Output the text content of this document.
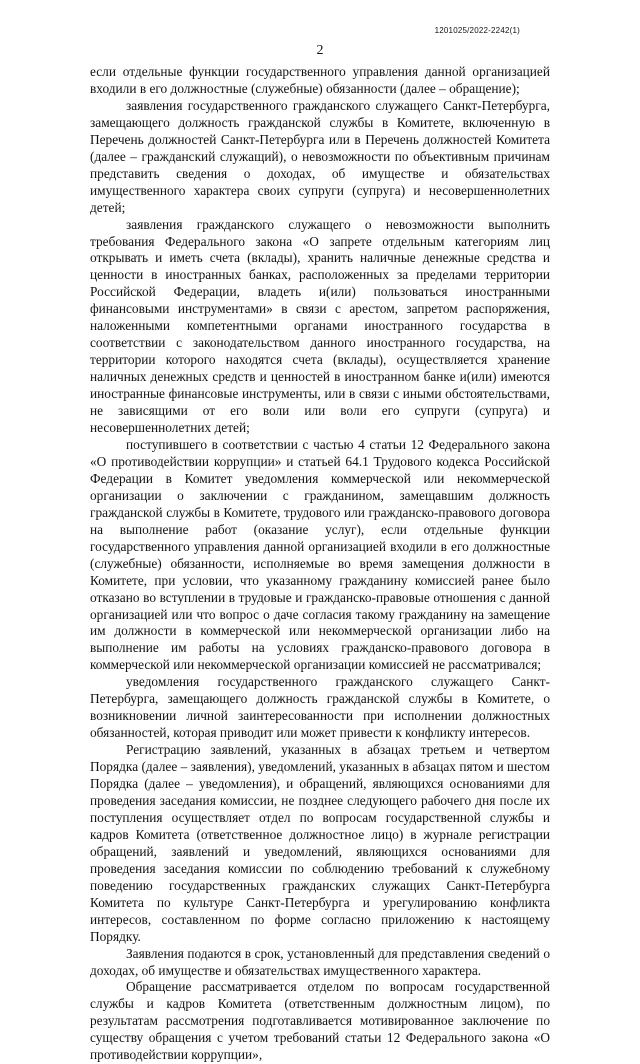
1201025/2022-2242(1)
2

если отдельные функции государственного управления данной организацией входили в его должностные (служебные) обязанности (далее – обращение);

заявления государственного гражданского служащего Санкт-Петербурга, замещающего должность гражданской службы в Комитете, включенную в Перечень должностей Санкт-Петербурга или в Перечень должностей Комитета (далее – гражданский служащий), о невозможности по объективным причинам представить сведения о доходах, об имуществе и обязательствах имущественного характера своих супруги (супруга) и несовершеннолетних детей;

заявления гражданского служащего о невозможности выполнить требования Федерального закона «О запрете отдельным категориям лиц открывать и иметь счета (вклады), хранить наличные денежные средства и ценности в иностранных банках, расположенных за пределами территории Российской Федерации, владеть и(или) пользоваться иностранными финансовыми инструментами» в связи с арестом, запретом распоряжения, наложенными компетентными органами иностранного государства в соответствии с законодательством данного иностранного государства, на территории которого находятся счета (вклады), осуществляется хранение наличных денежных средств и ценностей в иностранном банке и(или) имеются иностранные финансовые инструменты, или в связи с иными обстоятельствами, не зависящими от его воли или воли его супруги (супруга) и несовершеннолетних детей;

поступившего в соответствии с частью 4 статьи 12 Федерального закона «О противодействии коррупции» и статьей 64.1 Трудового кодекса Российской Федерации в Комитет уведомления коммерческой или некоммерческой организации о заключении с гражданином, замещавшим должность гражданской службы в Комитете, трудового или гражданско-правового договора на выполнение работ (оказание услуг), если отдельные функции государственного управления данной организацией входили в его должностные (служебные) обязанности, исполняемые во время замещения должности в Комитете, при условии, что указанному гражданину комиссией ранее было отказано во вступлении в трудовые и гражданско-правовые отношения с данной организацией или что вопрос о даче согласия такому гражданину на замещение им должности в коммерческой или некоммерческой организации либо на выполнение им работы на условиях гражданско-правового договора в коммерческой или некоммерческой организации комиссией не рассматривался;

уведомления государственного гражданского служащего Санкт-Петербурга, замещающего должность гражданской службы в Комитете, о возникновении личной заинтересованности при исполнении должностных обязанностей, которая приводит или может привести к конфликту интересов.

Регистрацию заявлений, указанных в абзацах третьем и четвертом Порядка (далее – заявления), уведомлений, указанных в абзацах пятом и шестом Порядка (далее – уведомления), и обращений, являющихся основаниями для проведения заседания комиссии, не позднее следующего рабочего дня после их поступления осуществляет отдел по вопросам государственной службы и кадров Комитета (ответственное должностное лицо) в журнале регистрации обращений, заявлений и уведомлений, являющихся основаниями для проведения заседания комиссии по соблюдению требований к служебному поведению государственных гражданских служащих Санкт-Петербурга Комитета по культуре Санкт-Петербурга и урегулированию конфликта интересов, составленном по форме согласно приложению к настоящему Порядку.

Заявления подаются в срок, установленный для представления сведений о доходах, об имуществе и обязательствах имущественного характера.

Обращение рассматривается отделом по вопросам государственной службы и кадров Комитета (ответственным должностным лицом), по результатам рассмотрения подготавливается мотивированное заключение по существу обращения с учетом требований статьи 12 Федерального закона «О противодействии коррупции»,
